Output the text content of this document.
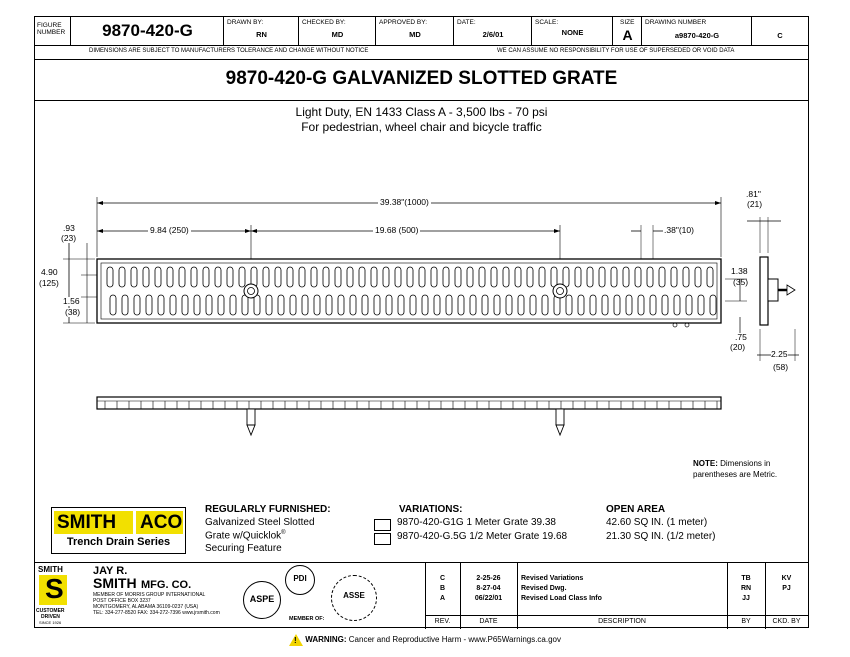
FIGURE
NUMBER	9870-420-G	DRAWN BY:
RN
CHECKED BY:
MD
APPROVED BY:
MD
DATE:
2/6/01
SCALE:
NONE
SIZE
A
DRAWING NUMBER
a9870-420-G	C
DIMENSIONS ARE SUBJECT TO MANUFACTURERS TOLERANCE AND CHANGE WITHOUT NOTICE	WE CAN ASSUME NO RESPONSIBILITY FOR USE OF SUPERSEDED OR VOID DATA
9870-420-G GALVANIZED SLOTTED GRATE
Light Duty, EN 1433 Class A - 3,500 lbs - 70 psi
For pedestrian, wheel chair and bicycle traffic
39.38"(1000)
9.84 (250)	19.68 (500)	.38"(10)
.93
(23)
4.90
(125)
1.56
(38)
.81"
(21)
1.38
(35)
.75
(20)
2.25
(58)
NOTE: Dimensions in
parentheses are Metric.
SMITH ACO
Trench Drain Series
REGULARLY FURNISHED:
Galvanized Steel Slotted
Grate w/Quicklok®
Securing Feature
VARIATIONS:
9870-420-G1G 1 Meter Grate 39.38
9870-420-G.5G 1/2 Meter Grate 19.68
OPEN AREA
42.60 SQ IN. (1 meter)
21.30 SQ IN. (1/2 meter)
SMITH
S
CUSTOMER
DRIVEN
SINCE 1926
JAY R.
SMITH MFG. CO.
MEMBER OF MORRIS GROUP INTERNATIONAL
POST OFFICE BOX 3237
MONTGOMERY, ALABAMA 36109-0237 (USA)
TEL: 334-277-8520 FAX: 334-272-7396 www.jrsmith.com
ASPE
PDI
MEMBER OF:
ASSE
C	2-25-26	Revised Variations	TB	KV
B	8-27-04	Revised Dwg.	RN	PJ
A	06/22/01	Revised Load Class Info	JJ
REV.	DATE	DESCRIPTION	BY	CKD. BY
! WARNING: Cancer and Reproductive Harm - www.P65Warnings.ca.gov
